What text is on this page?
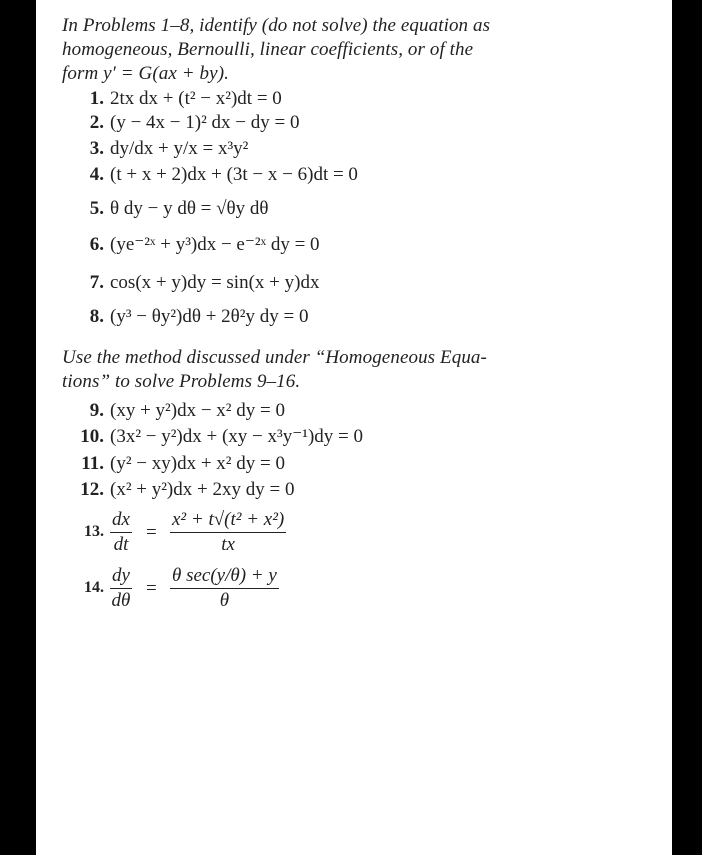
In Problems 1–8, identify (do not solve) the equation as
homogeneous, Bernoulli, linear coefficients, or of the
form y′ = G(ax + by).

1. 2tx dx + (t² − x²)dt = 0
2. (y − 4x − 1)² dx − dy = 0
3. dy/dx + y/x = x³y²
4. (t + x + 2)dx + (3t − x − 6)dt = 0
5. θ dy − y dθ = √θy dθ
6. (ye⁻²ˣ + y³)dx − e⁻²ˣ dy = 0
7. cos(x + y)dy = sin(x + y)dx
8. (y³ − θy²)dθ + 2θ²y dy = 0

Use the method discussed under “Homogeneous Equa-
tions” to solve Problems 9–16.

9. (xy + y²)dx − x² dy = 0
10. (3x² − y²)dx + (xy − x³y⁻¹)dy = 0
11. (y² − xy)dx + x² dy = 0
12. (x² + y²)dx + 2xy dy = 0
13.
dx
dt
=
x² + t√(t² + x²)
tx
14.
dy
dθ
=
θ sec(y/θ) + y
θ
